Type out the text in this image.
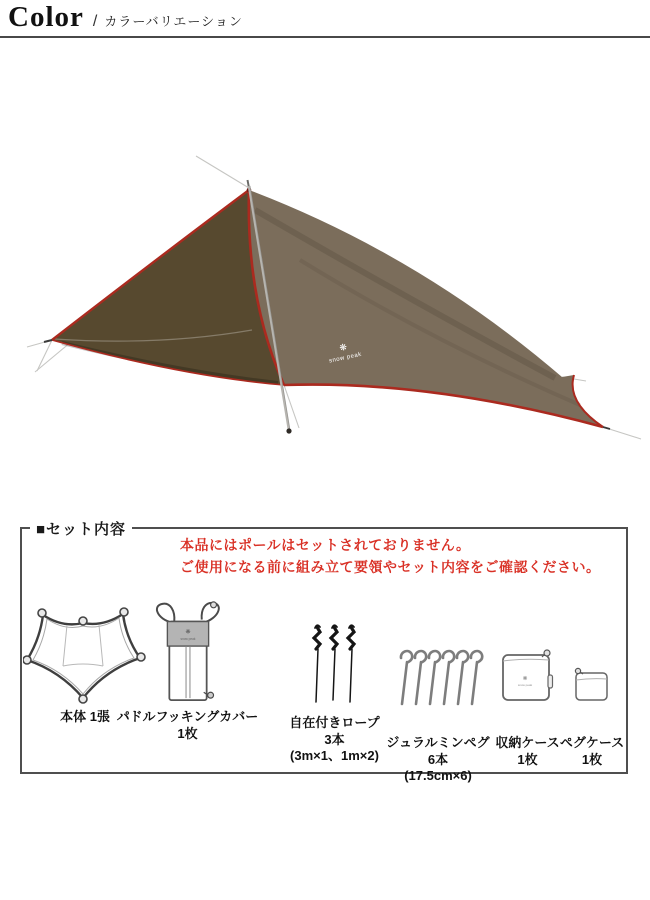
Color / カラーバリエーション
❋
snow peak
■セット内容
本品にはポールはセットされておりません。
ご使用になる前に組み立て要領やセット内容をご確認ください。
本体 1張
❋
snow peak
パドルフッキングカバー
1枚
自在付きロープ
3本
(3m×1、1m×2)
ジュラルミンペグ
6本
(17.5cm×6)
❋
snow peak
収納ケース
1枚
ペグケース
1枚
